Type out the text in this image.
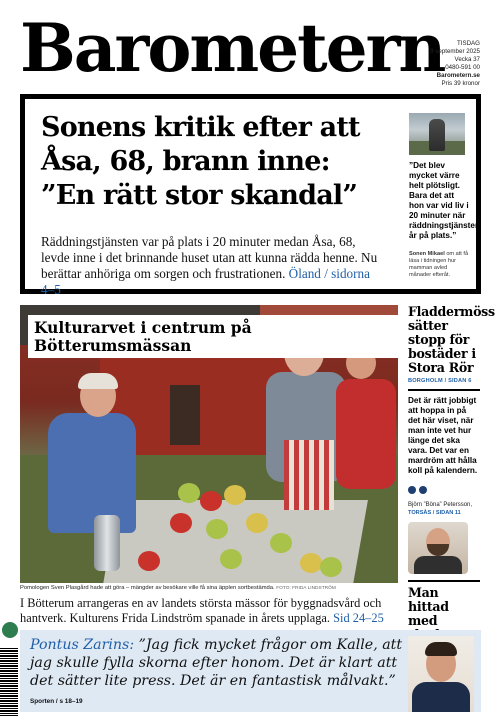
Barometern	TISDAG
9 september 2025
Vecka 37
0480-591 00
Barometern.se
Pris 39 kronor
Sonens kritik efter att Åsa, 68, brann inne: ”En rätt stor skandal”
Räddningstjänsten var på plats i 20 minuter medan Åsa, 68, levde inne i det brinnande huset utan att kunna rädda henne. Nu berättar anhöriga om sorgen och frustrationen. Öland / sidorna 4–5
”Det blev mycket värre helt plötsligt. Bara det att hon var vid liv i 20 minuter när räddningstjänsten år på plats.”
Sonen Mikael om att få läsa i tidningen hur mamman avled månader efteråt.
Kulturarvet i centrum på Bötterumsmässan
Pomologen Sven Plasgård hade att göra – mängder av besökare ville få sina äpplen sortbestämda. FOTO: FRIDA LINDSTRÖM
I Bötterum arrangeras en av landets största mässor för byggnadsvård och hantverk. Kulturens Frida Lindström spanade in årets upplaga. Sid 24–25
Fladdermöss sätter stopp för bostäder i Stora Rör
BORGHOLM / SIDAN 6
Det är rätt jobbigt att hoppa in på det här viset, när man inte vet hur länge det ska vara. Det var en mardröm att hålla koll på kalendern.
Björn ”Böna” Petersson,
TORSÅS / SIDAN 11
Man hittad med
Pontus Zarins: ”Jag fick mycket frågor om Kalle, att jag skulle fylla skorna efter honom. Det är klart att det sätter lite press. Det är en fantastisk målvakt.” Sporten / s 18–19
